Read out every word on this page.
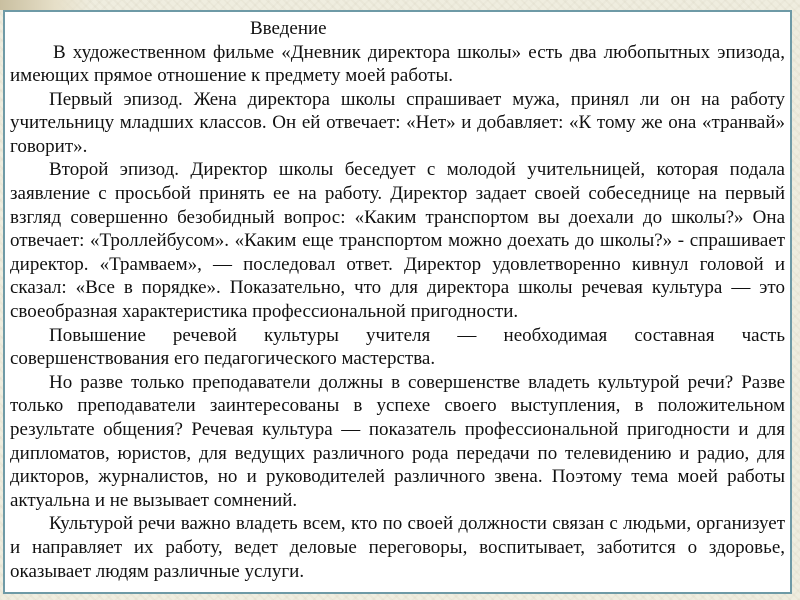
Введение

В художественном фильме «Дневник директора школы» есть два любопытных эпизода, имеющих прямое отношение к предмету моей работы.

Первый эпизод. Жена директора школы спрашивает мужа, принял ли он на работу учительницу младших классов. Он ей отвечает: «Нет» и добавляет: «К тому же она «транвай» говорит».

Второй эпизод. Директор школы беседует с молодой учительницей, которая подала заявление с просьбой принять ее на работу. Директор задает своей собеседнице на первый взгляд совершенно безобидный вопрос: «Каким транспортом вы доехали до школы?» Она отвечает: «Троллейбусом». «Каким еще транспортом можно доехать до школы?» - спрашивает директор. «Трамваем», — последовал ответ. Директор удовлетворенно кивнул головой и сказал: «Все в порядке». Показательно, что для директора школы речевая культура — это своеобразная характеристика профессиональной пригодности.

Повышение речевой культуры учителя — необходимая составная часть совершенствования его педагогического мастерства.

Но разве только преподаватели должны в совершенстве владеть культурой речи? Разве только преподаватели заинтересованы в успехе своего выступления, в положительном результате общения? Речевая культура — показатель профессиональной пригодности и для дипломатов, юристов, для ведущих различного рода передачи по телевидению и радио, для дикторов, журналистов, но и руководителей различного звена. Поэтому тема моей работы актуальна и не вызывает сомнений.

Культурой речи важно владеть всем, кто по своей должности связан с людьми, организует и направляет их работу, ведет деловые переговоры, воспитывает, заботится о здоровье, оказывает людям различные услуги.
